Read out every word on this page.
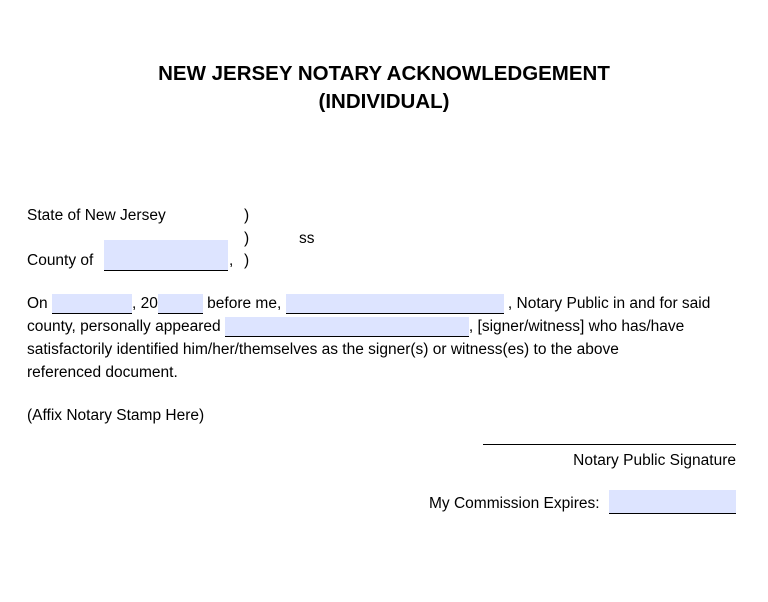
NEW JERSEY NOTARY ACKNOWLEDGEMENT
(INDIVIDUAL)
State of New Jersey	)
)	ss
County of	, )
On	, 20	before me,	, Notary Public in and for said
county, personally appeared	, [signer/witness] who has/have
satisfactorily identified him/her/themselves as the signer(s) or witness(es) to the above
referenced document.
(Affix Notary Stamp Here)
Notary Public Signature
My Commission Expires:
